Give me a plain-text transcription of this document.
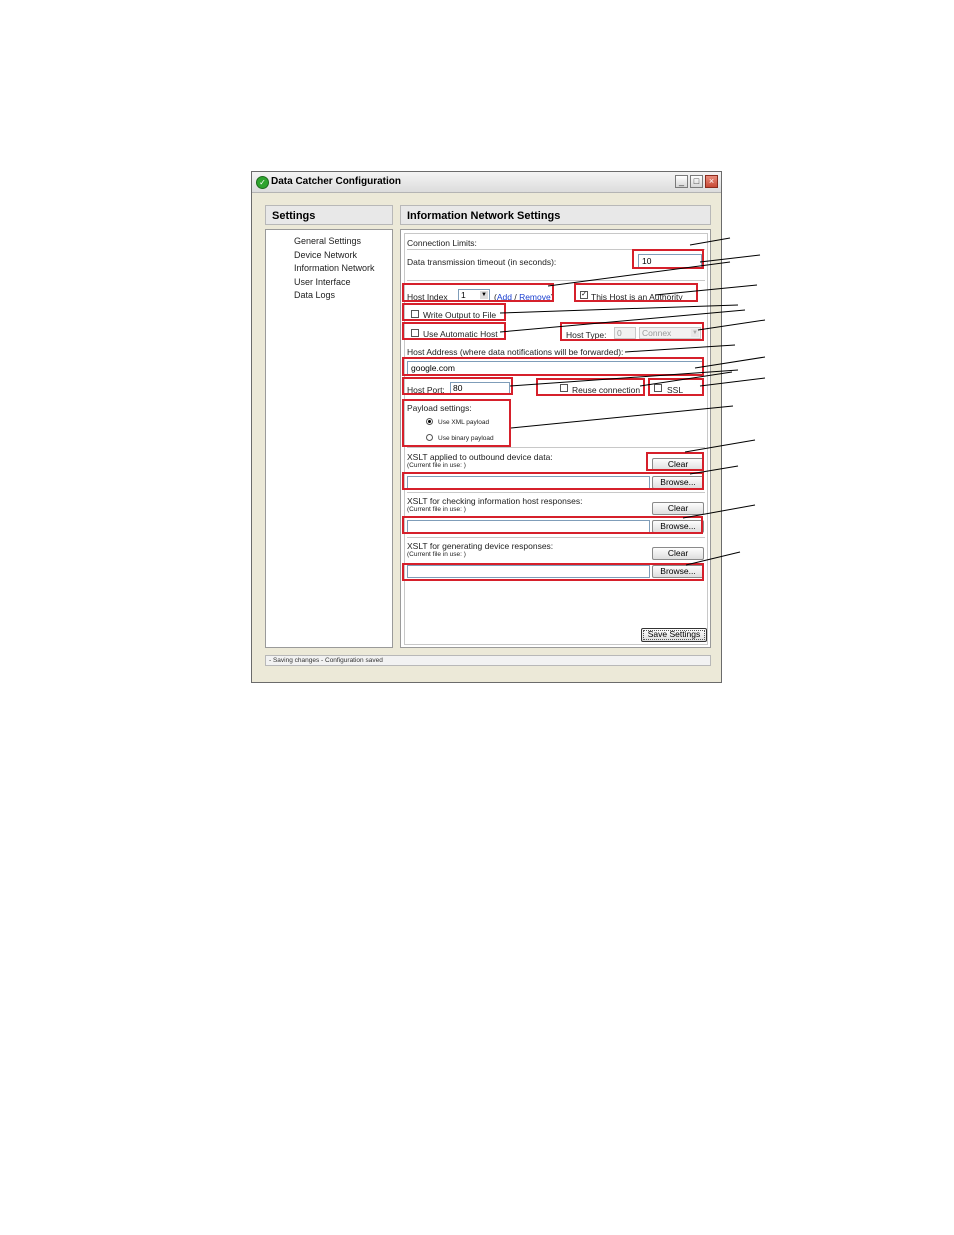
✓ Data Catcher Configuration	_	□	×
Settings
General Settings
Device Network
Information Network
User Interface
Data Logs
Information Network Settings
Connection Limits:
Data transmission timeout (in seconds):	10
Host Index	1	▼ (Add / Remove)	✓ This Host is an Authority
Write Output to File
Use Automatic Host	Host Type:	0	Connex	▼
Host Address (where data notifications will be forwarded):
google.com
Host Port: 80	Reuse connection	SSL
Payload settings:
Use XML payload
Use binary payload
XSLT applied to outbound device data:
(Current file in use: )	Clear
Browse...
XSLT for checking information host responses:
(Current file in use: )	Clear
Browse...
XSLT for generating device responses:
(Current file in use: )	Clear
Browse...
Save Settings
- Saving changes - Configuration saved
